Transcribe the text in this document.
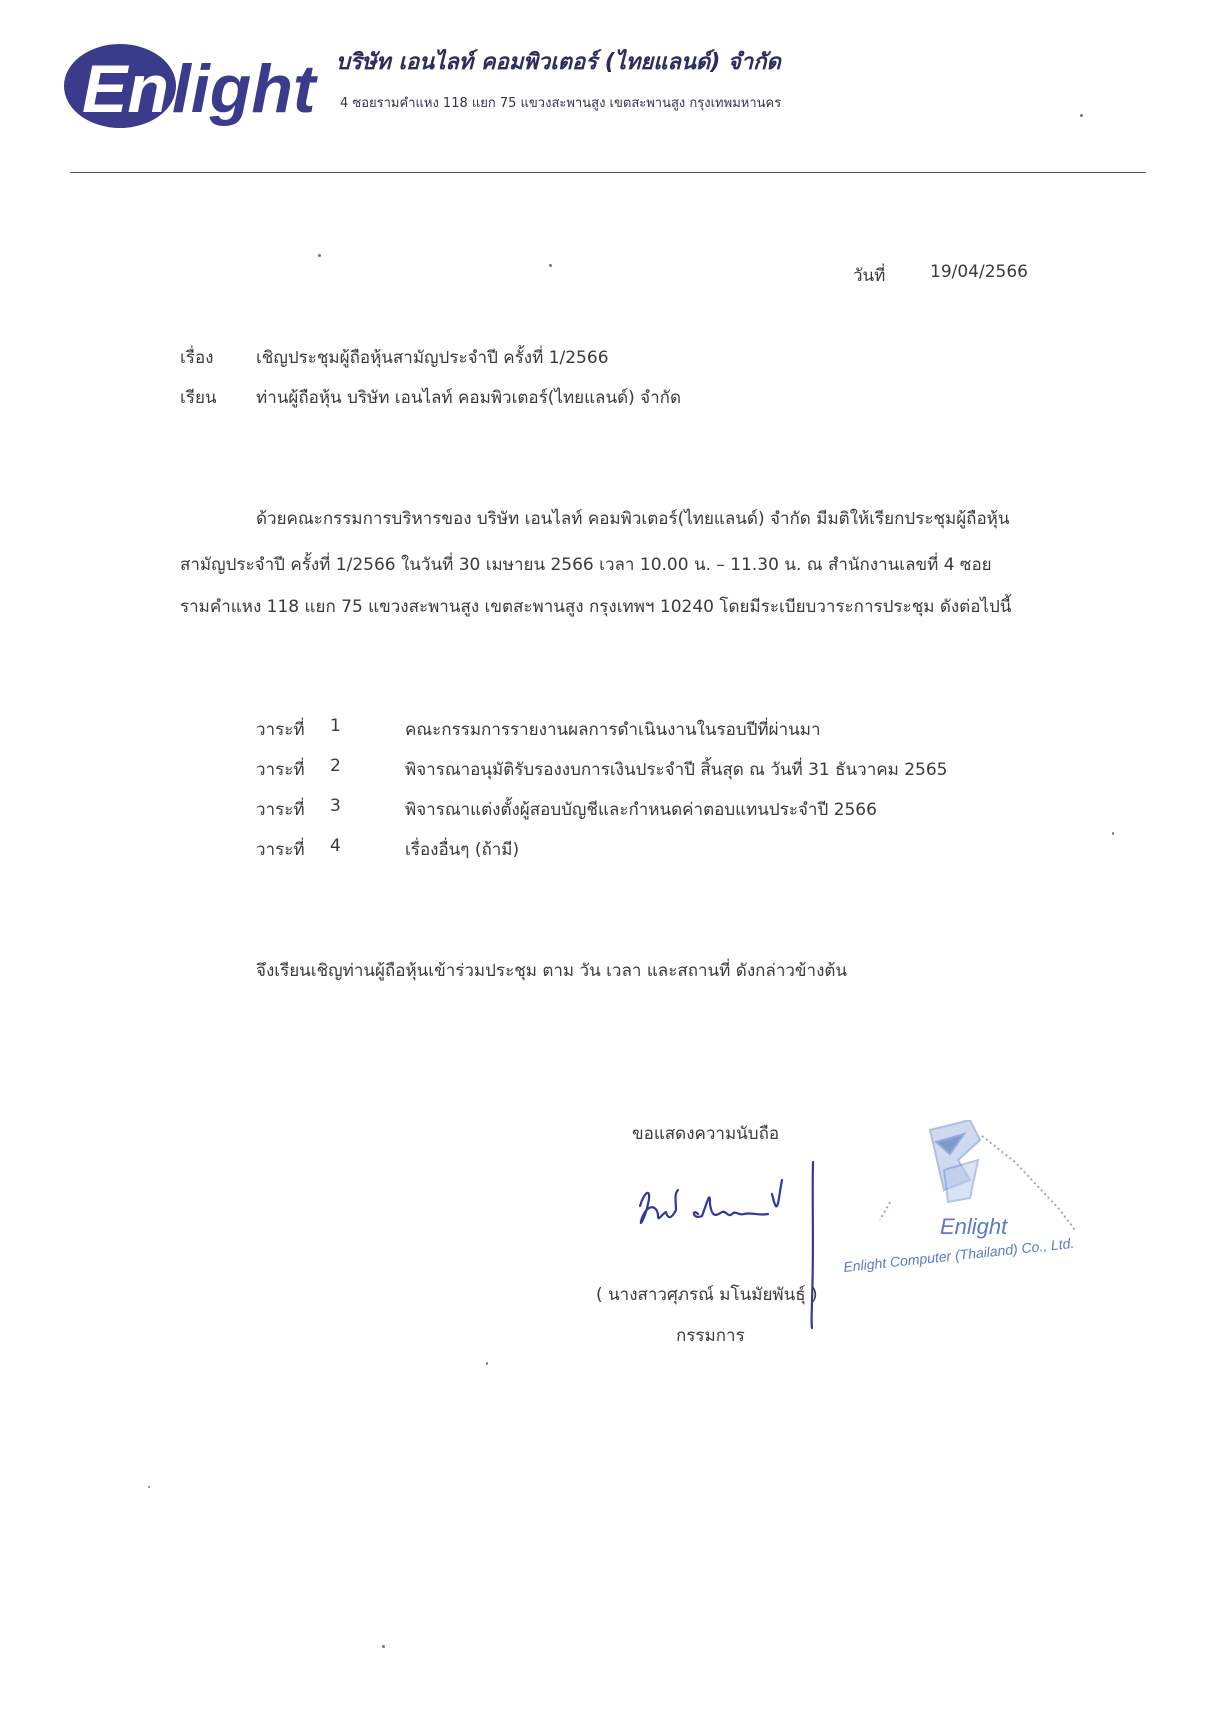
En light บริษัท เอนไลท์ คอมพิวเตอร์ (ไทยแลนด์) จำกัด
4 ซอยรามคำแหง 118 แยก 75 แขวงสะพานสูง เขตสะพานสูง กรุงเทพมหานคร
วันที่	19/04/2566
เรื่อง	เชิญประชุมผู้ถือหุ้นสามัญประจำปี ครั้งที่ 1/2566
เรียน ท่านผู้ถือหุ้น บริษัท เอนไลท์ คอมพิวเตอร์(ไทยแลนด์) จำกัด
ด้วยคณะกรรมการบริหารของ บริษัท เอนไลท์ คอมพิวเตอร์(ไทยแลนด์) จำกัด มีมติให้เรียกประชุมผู้ถือหุ้น
สามัญประจำปี ครั้งที่ 1/2566 ในวันที่ 30 เมษายน 2566 เวลา 10.00 น. – 11.30 น. ณ สำนักงานเลขที่ 4 ซอย
รามคำแหง 118 แยก 75 แขวงสะพานสูง เขตสะพานสูง กรุงเทพฯ 10240 โดยมีระเบียบวาระการประชุม ดังต่อไปนี้
วาระที่ 1	คณะกรรมการรายงานผลการดำเนินงานในรอบปีที่ผ่านมา
วาระที่ 2	พิจารณาอนุมัติรับรองงบการเงินประจำปี สิ้นสุด ณ วันที่ 31 ธันวาคม 2565
วาระที่ 3	พิจารณาแต่งตั้งผู้สอบบัญชีและกำหนดค่าตอบแทนประจำปี 2566
วาระที่ 4	เรื่องอื่นๆ (ถ้ามี)
จึงเรียนเชิญท่านผู้ถือหุ้นเข้าร่วมประชุม ตาม วัน เวลา และสถานที่ ดังกล่าวข้างต้น
ขอแสดงความนับถือ
( นางสาวศุภรณ์ มโนมัยพันธุ์ )
กรรมการ
Enlight
Enlight Computer (Thailand) Co., Ltd.
